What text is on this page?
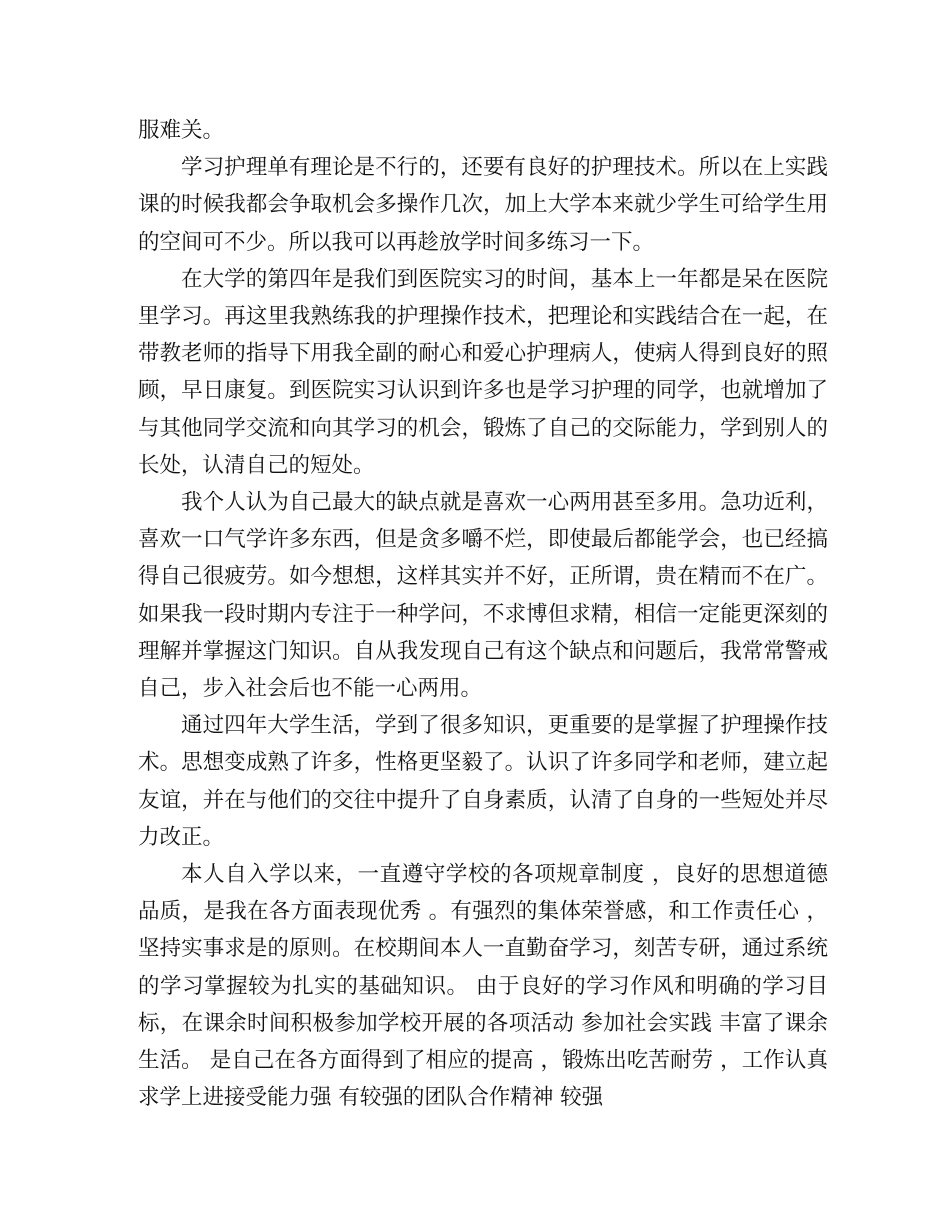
服难关。

学习护理单有理论是不行的，还要有良好的护理技术。所以在上实践课的时候我都会争取机会多操作几次，加上大学本来就少学生可给学生用的空间可不少。所以我可以再趁放学时间多练习一下。

在大学的第四年是我们到医院实习的时间，基本上一年都是呆在医院里学习。再这里我熟练我的护理操作技术，把理论和实践结合在一起，在带教老师的指导下用我全副的耐心和爱心护理病人，使病人得到良好的照顾，早日康复。到医院实习认识到许多也是学习护理的同学，也就增加了与其他同学交流和向其学习的机会，锻炼了自己的交际能力，学到别人的长处，认清自己的短处。

我个人认为自己最大的缺点就是喜欢一心两用甚至多用。急功近利，喜欢一口气学许多东西，但是贪多嚼不烂，即使最后都能学会，也已经搞得自己很疲劳。如今想想，这样其实并不好，正所谓，贵在精而不在广。如果我一段时期内专注于一种学问，不求博但求精，相信一定能更深刻的理解并掌握这门知识。自从我发现自己有这个缺点和问题后，我常常警戒自己，步入社会后也不能一心两用。

通过四年大学生活，学到了很多知识，更重要的是掌握了护理操作技术。思想变成熟了许多，性格更坚毅了。认识了许多同学和老师，建立起友谊，并在与他们的交往中提升了自身素质，认清了自身的一些短处并尽力改正。

本人自入学以来，一直遵守学校的各项规章制度 ，良好的思想道德品质，是我在各方面表现优秀 。有强烈的集体荣誉感，和工作责任心 ，坚持实事求是的原则。在校期间本人一直勤奋学习，刻苦专研，通过系统的学习掌握较为扎实的基础知识。 由于良好的学习作风和明确的学习目标，在课余时间积极参加学校开展的各项活动 参加社会实践 丰富了课余生活。 是自己在各方面得到了相应的提高 ，锻炼出吃苦耐劳 ，工作认真 求学上进接受能力强 有较强的团队合作精神 较强
